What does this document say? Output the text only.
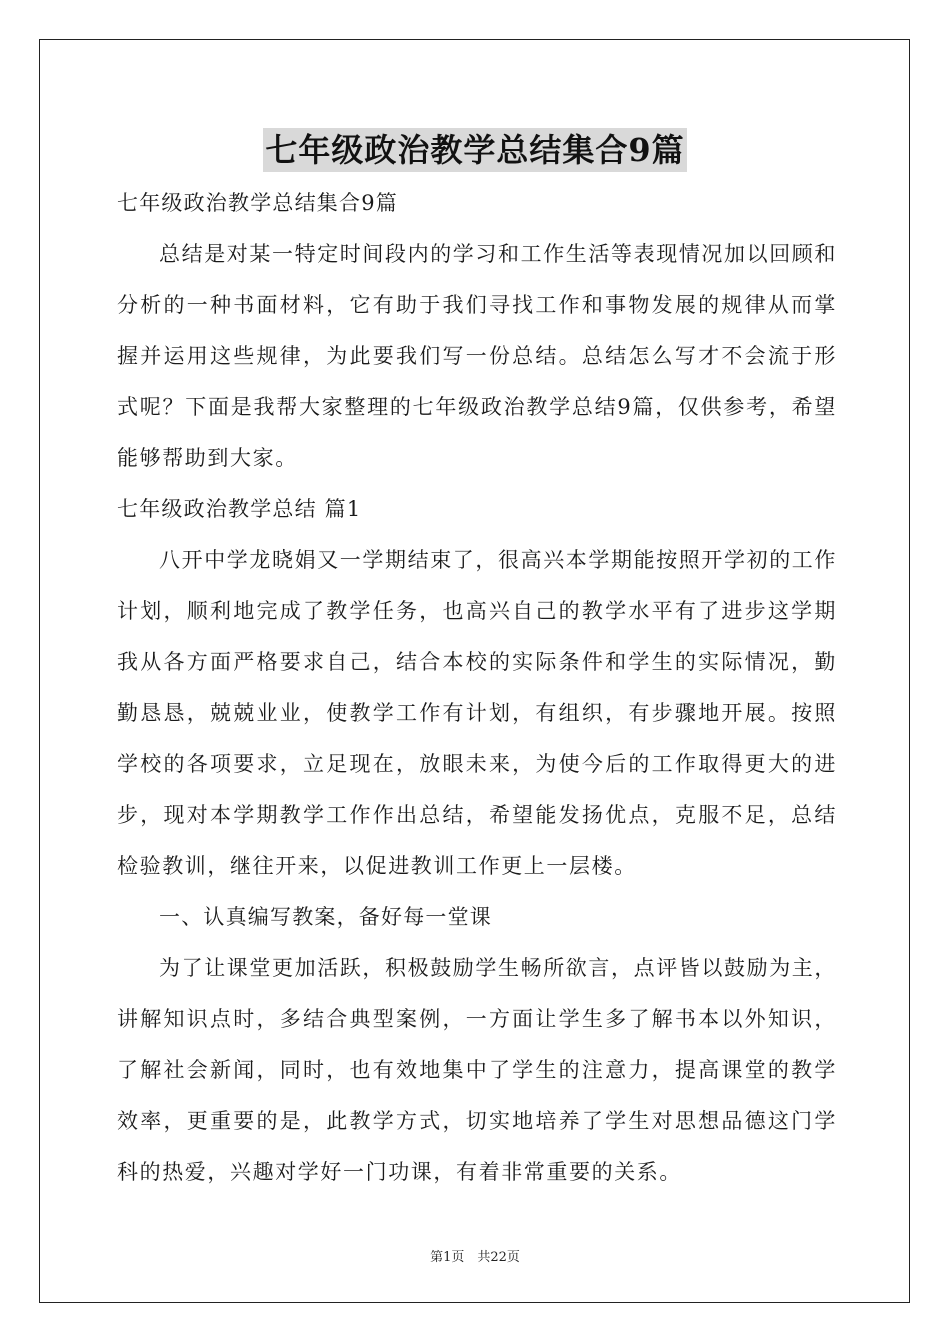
七年级政治教学总结集合9篇
七年级政治教学总结集合9篇

总结是对某一特定时间段内的学习和工作生活等表现情况加以回顾和分析的一种书面材料，它有助于我们寻找工作和事物发展的规律从而掌握并运用这些规律，为此要我们写一份总结。总结怎么写才不会流于形式呢？下面是我帮大家整理的七年级政治教学总结9篇，仅供参考，希望能够帮助到大家。

七年级政治教学总结 篇1

八开中学龙晓娟又一学期结束了，很高兴本学期能按照开学初的工作计划，顺利地完成了教学任务，也高兴自己的教学水平有了进步这学期我从各方面严格要求自己，结合本校的实际条件和学生的实际情况，勤勤恳恳，兢兢业业，使教学工作有计划，有组织，有步骤地开展。按照学校的各项要求，立足现在，放眼未来，为使今后的工作取得更大的进步，现对本学期教学工作作出总结，希望能发扬优点，克服不足，总结检验教训，继往开来，以促进教训工作更上一层楼。

一、认真编写教案，备好每一堂课

为了让课堂更加活跃，积极鼓励学生畅所欲言，点评皆以鼓励为主，讲解知识点时，多结合典型案例，一方面让学生多了解书本以外知识，了解社会新闻，同时，也有效地集中了学生的注意力，提高课堂的教学效率，更重要的是，此教学方式，切实地培养了学生对思想品德这门学科的热爱，兴趣对学好一门功课，有着非常重要的关系。

第1页　共22页
